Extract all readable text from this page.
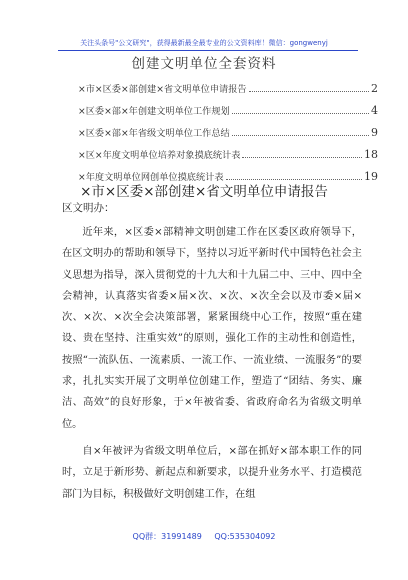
关注头条号"公文研究"，获得最新最全最专业的公文资料库！微信：gongwenyj
创建文明单位全套资料
×市×区委×部创建×省文明单位申请报告	2
×区委×部×年创建文明单位工作规划	4
×区委×部×年省级文明单位工作总结	9
×区×年度文明单位培养对象摸底统计表	18
×年度文明单位网创单位摸底统计表	19
×市×区委×部创建×省文明单位申请报告
区文明办：

近年来，×区委×部精神文明创建工作在区委区政府领导下，在区文明办的帮助和领导下，坚持以习近平新时代中国特色社会主义思想为指导，深入贯彻党的十九大和十九届二中、三中、四中全会精神，认真落实省委×届×次、×次、×次全会以及市委×届×次、×次、×次全会决策部署，紧紧围绕中心工作，按照“重在建设、贵在坚持、注重实效”的原则，强化工作的主动性和创造性，按照“一流队伍、一流素质、一流工作、一流业绩、一流服务”的要求，扎扎实实开展了文明单位创建工作，塑造了“团结、务实、廉洁、高效”的良好形象，于×年被省委、省政府命名为省级文明单位。

自×年被评为省级文明单位后，×部在抓好×部本职工作的同时，立足于新形势、新起点和新要求，以提升业务水平、打造模范部门为目标，积极做好文明创建工作，在组

QQ群：31991489 QQ:535304092
